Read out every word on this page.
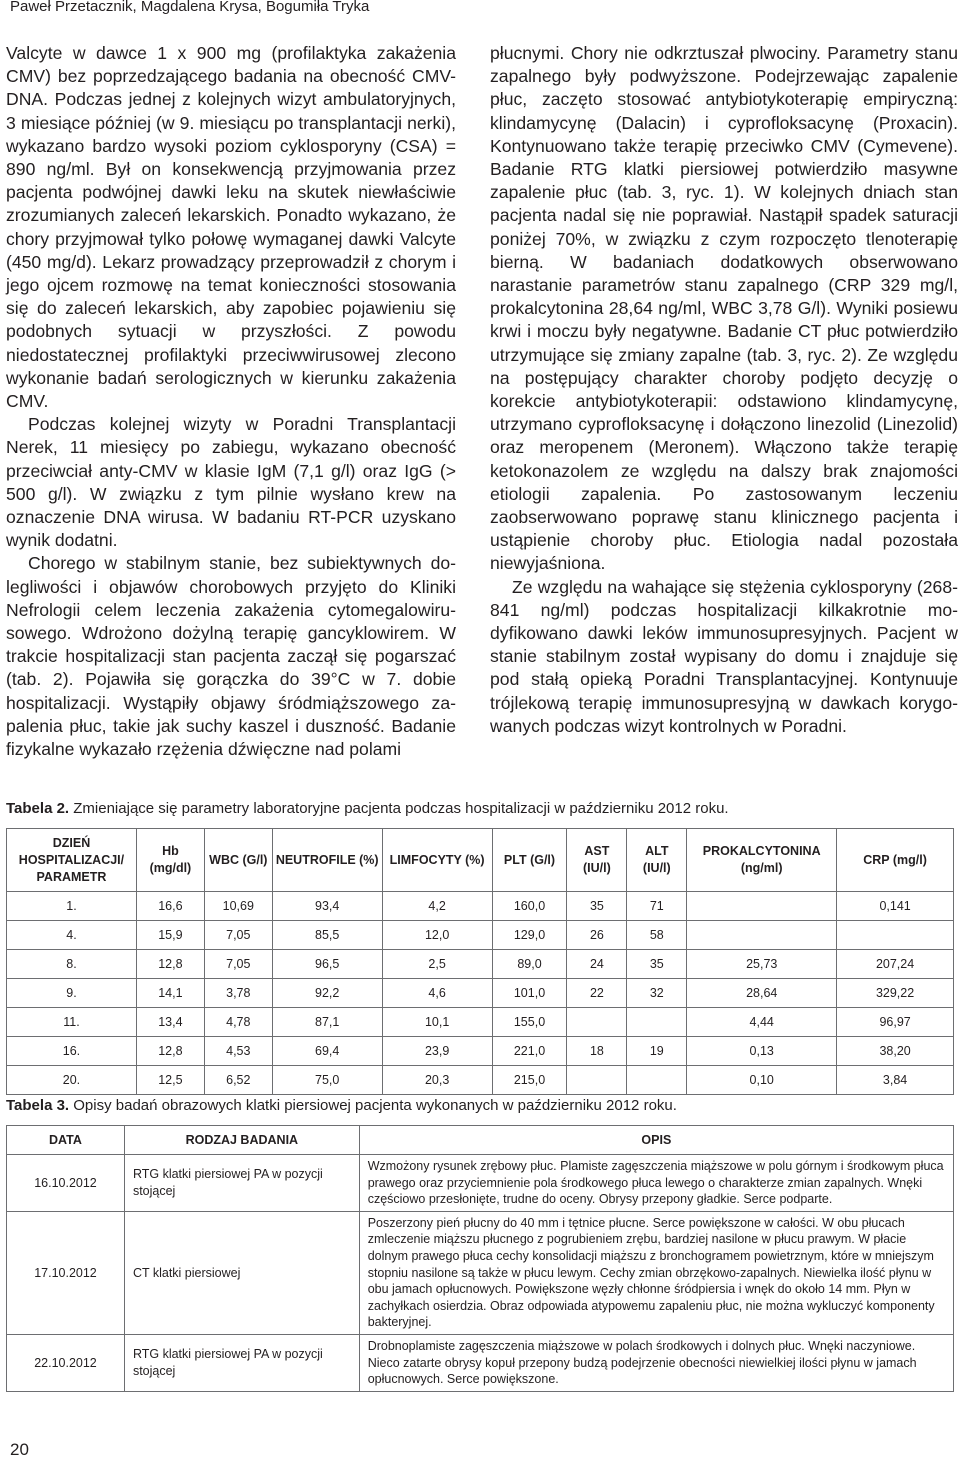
Paweł Przetacznik, Magdalena Krysa, Bogumiła Tryka

Valcyte w dawce 1 x 900 mg (profilaktyka zakażenia CMV) bez poprzedzającego badania na obecność CMV-DNA. Podczas jednej z kolejnych wizyt ambulatoryjnych, 3 miesiące później (w 9. miesiącu po transplantacji nerki), wykazano bardzo wysoki poziom cyklosporyny (CSA) = 890 ng/ml. Był on konsekwencją przyjmowania przez pacjenta podwójnej dawki leku na skutek niewłaściwie zrozumianych zaleceń lekarskich. Ponadto wykazano, że chory przyjmował tylko połowę wymaganej dawki Valcyte (450 mg/d). Lekarz prowadzący przeprowadził z chorym i jego ojcem rozmowę na temat konieczności stosowania się do zaleceń lekarskich, aby zapobiec pojawieniu się podobnych sytuacji w przyszłości. Z powodu niedostatecznej profilaktyki przeciwwirusowej zlecono wykonanie badań serologicznych w kierunku zakażenia CMV.

Podczas kolejnej wizyty w Poradni Transplantacji Nerek, 11 miesięcy po zabiegu, wykazano obecność przeciwciał anty-CMV w klasie IgM (7,1 g/l) oraz IgG (> 500 g/l). W związku z tym pilnie wysłano krew na oznaczenie DNA wirusa. W badaniu RT-PCR uzyskano wynik dodatni.

Chorego w stabilnym stanie, bez subiektywnych dolegliwości i objawów chorobowych przyjęto do Kliniki Nefrologii celem leczenia zakażenia cytomegalowirusowego. Wdrożono dożylną terapię gancyklowirem. W trakcie hospitalizacji stan pacjenta zaczął się pogarszać (tab. 2). Pojawiła się gorączka do 39°C w 7. dobie hospitalizacji. Wystąpiły objawy śródmiąższowego zapalenia płuc, takie jak suchy kaszel i duszność. Badanie fizykalne wykazało rzężenia dźwięczne nad polami

płucnymi. Chory nie odkrztuszał plwociny. Parametry stanu zapalnego były podwyższone. Podejrzewając zapalenie płuc, zaczęto stosować antybiotykoterapię empiryczną: klindamycynę (Dalacin) i cyprofloksacynę (Proxacin). Kontynuowano także terapię przeciwko CMV (Cymevene). Badanie RTG klatki piersiowej potwierdziło masywne zapalenie płuc (tab. 3, ryc. 1). W kolejnych dniach stan pacjenta nadal się nie poprawiał. Nastąpił spadek saturacji poniżej 70%, w związku z czym rozpoczęto tlenoterapię bierną. W badaniach dodatkowych obserwowano narastanie parametrów stanu zapalnego (CRP 329 mg/l, prokalcytonina 28,64 ng/ml, WBC 3,78 G/l). Wyniki posiewu krwi i moczu były negatywne. Badanie CT płuc potwierdziło utrzymujące się zmiany zapalne (tab. 3, ryc. 2). Ze względu na postępujący charakter choroby podjęto decyzję o korekcie antybiotykoterapii: odstawiono klindamycynę, utrzymano cyprofloksacynę i dołączono linezolid (Linezolid) oraz meropenem (Meronem). Włączono także terapię ketokonazolem ze względu na dalszy brak znajomości etiologii zapalenia. Po zastosowanym leczeniu zaobserwowano poprawę stanu klinicznego pacjenta i ustąpienie choroby płuc. Etiologia nadal pozostała niewyjaśniona.

Ze względu na wahające się stężenia cyklosporyny (268-841 ng/ml) podczas hospitalizacji kilkakrotnie modyfikowano dawki leków immunosupresyjnych. Pacjent w stanie stabilnym został wypisany do domu i znajduje się pod stałą opieką Poradni Transplantacyjnej. Kontynuuje trójlekową terapię immunosupresyjną w dawkach korygowanych podczas wizyt kontrolnych w Poradni.

Tabela 2. Zmieniające się parametry laboratoryjne pacjenta podczas hospitalizacji w październiku 2012 roku.
DZIEŃ HOSPITALIZACJI/ PARAMETR	Hb (mg/dl)	WBC (G/l)	NEUTROFILE (%)	LIMFOCYTY (%)	PLT (G/l)	AST (IU/l)	ALT (IU/l)	PROKALCYTONINA (ng/ml)	CRP (mg/l)
1.	16,6	10,69	93,4	4,2	160,0	35	71		0,141
4.	15,9	7,05	85,5	12,0	129,0	26	58		
8.	12,8	7,05	96,5	2,5	89,0	24	35	25,73	207,24
9.	14,1	3,78	92,2	4,6	101,0	22	32	28,64	329,22
11.	13,4	4,78	87,1	10,1	155,0			4,44	96,97
16.	12,8	4,53	69,4	23,9	221,0	18	19	0,13	38,20
20.	12,5	6,52	75,0	20,3	215,0			0,10	3,84
Tabela 3. Opisy badań obrazowych klatki piersiowej pacjenta wykonanych w październiku 2012 roku.
DATA	RODZAJ BADANIA	OPIS
16.10.2012	RTG klatki piersiowej PA w pozycji stojącej	Wzmożony rysunek zrębowy płuc. Plamiste zagęszczenia miąższowe w polu górnym i środkowym płuca prawego oraz przyciemnienie pola środkowego płuca lewego o charakterze zmian zapalnych. Wnęki częściowo przesłonięte, trudne do oceny. Obrysy przepony gładkie. Serce podparte.
17.10.2012	CT klatki piersiowej	Poszerzony pień płucny do 40 mm i tętnice płucne. Serce powiększone w całości. W obu płucach zmleczenie miąższu płucnego z pogrubieniem zrębu, bardziej nasilone w płucu prawym. W płacie dolnym prawego płuca cechy konsolidacji miąższu z bronchogramem powietrznym, które w mniejszym stopniu nasilone są także w płucu lewym. Cechy zmian obrzękowo-zapalnych. Niewielka ilość płynu w obu jamach opłucnowych. Powiększone węzły chłonne śródpiersia i wnęk do około 14 mm. Płyn w zachyłkach osierdzia. Obraz odpowiada atypowemu zapaleniu płuc, nie można wykluczyć komponenty bakteryjnej.
22.10.2012	RTG klatki piersiowej PA w pozycji stojącej	Drobnoplamiste zagęszczenia miąższowe w polach środkowych i dolnych płuc. Wnęki naczyniowe. Nieco zatarte obrysy kopuł przepony budzą podejrzenie obecności niewielkiej ilości płynu w jamach opłucnowych. Serce powiększone.
20
